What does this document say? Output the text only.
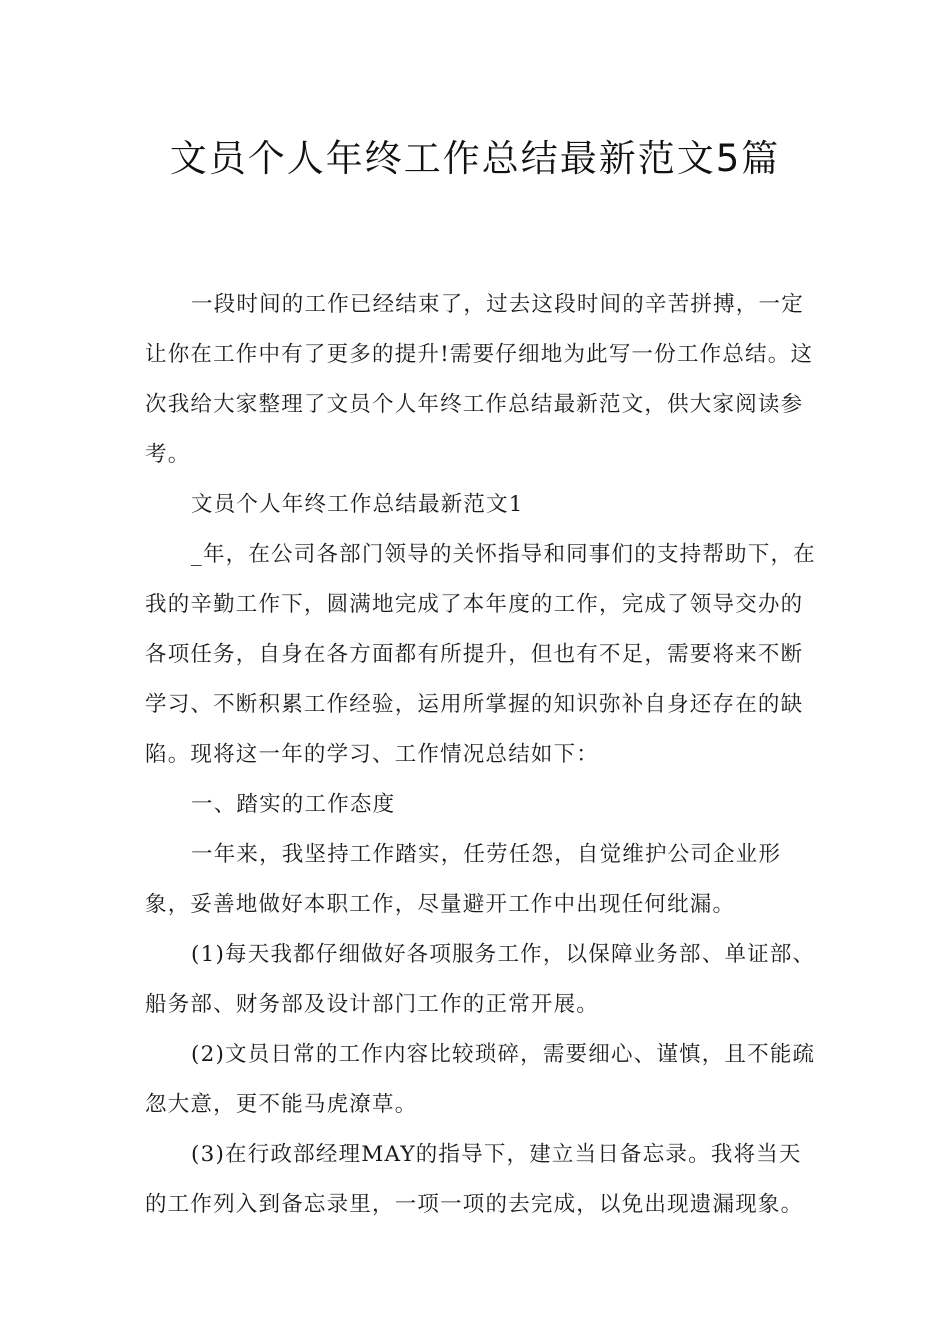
文员个人年终工作总结最新范文5篇

一段时间的工作已经结束了，过去这段时间的辛苦拼搏，一定让你在工作中有了更多的提升!需要仔细地为此写一份工作总结。这次我给大家整理了文员个人年终工作总结最新范文，供大家阅读参考。

文员个人年终工作总结最新范文1

_年，在公司各部门领导的关怀指导和同事们的支持帮助下，在我的辛勤工作下，圆满地完成了本年度的工作，完成了领导交办的各项任务，自身在各方面都有所提升，但也有不足，需要将来不断学习、不断积累工作经验，运用所掌握的知识弥补自身还存在的缺陷。现将这一年的学习、工作情况总结如下：

一、踏实的工作态度

一年来，我坚持工作踏实，任劳任怨，自觉维护公司企业形象，妥善地做好本职工作，尽量避开工作中出现任何纰漏。

(1)每天我都仔细做好各项服务工作，以保障业务部、单证部、船务部、财务部及设计部门工作的正常开展。

(2)文员日常的工作内容比较琐碎，需要细心、谨慎，且不能疏忽大意，更不能马虎潦草。

(3)在行政部经理MAY的指导下，建立当日备忘录。我将当天的工作列入到备忘录里，一项一项的去完成，以免出现遗漏现象。
